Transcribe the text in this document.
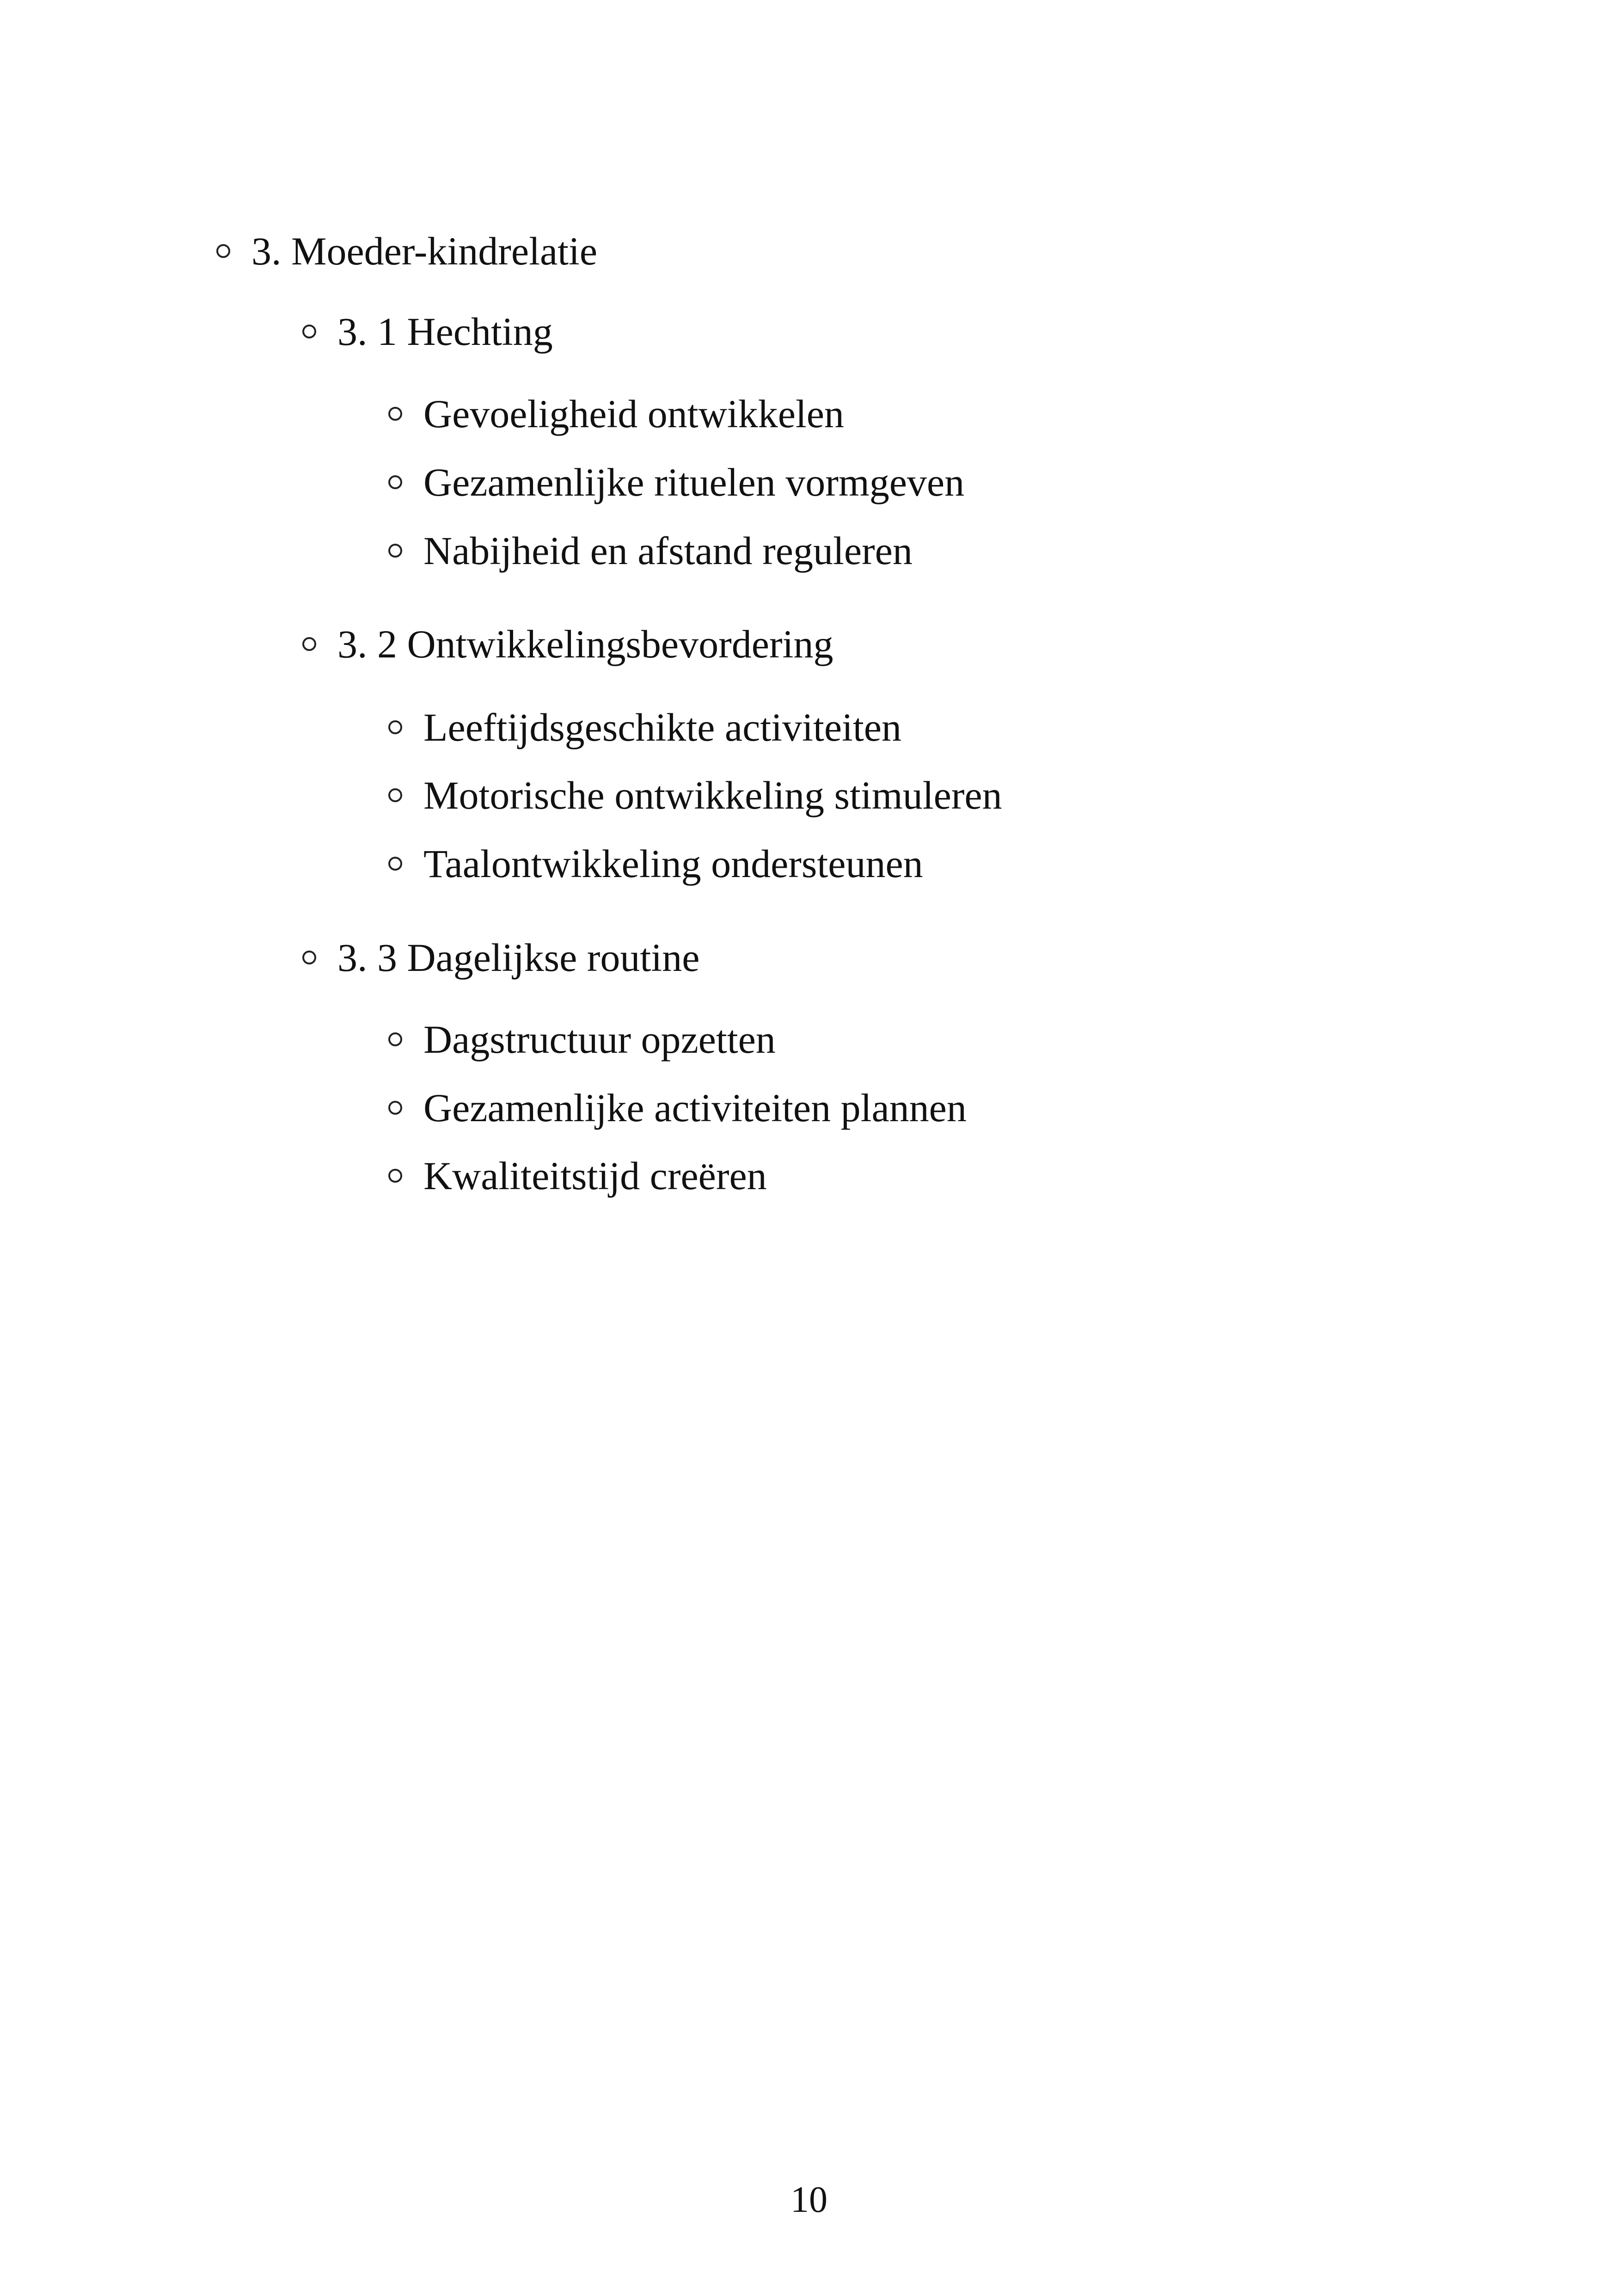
3. Moeder-kindrelatie
3. 1 Hechting
Gevoeligheid ontwikkelen
Gezamenlijke rituelen vormgeven
Nabijheid en afstand reguleren
3. 2 Ontwikkelingsbevordering
Leeftijdsgeschikte activiteiten
Motorische ontwikkeling stimuleren
Taalontwikkeling ondersteunen
3. 3 Dagelijkse routine
Dagstructuur opzetten
Gezamenlijke activiteiten plannen
Kwaliteitstijd creëren
10
